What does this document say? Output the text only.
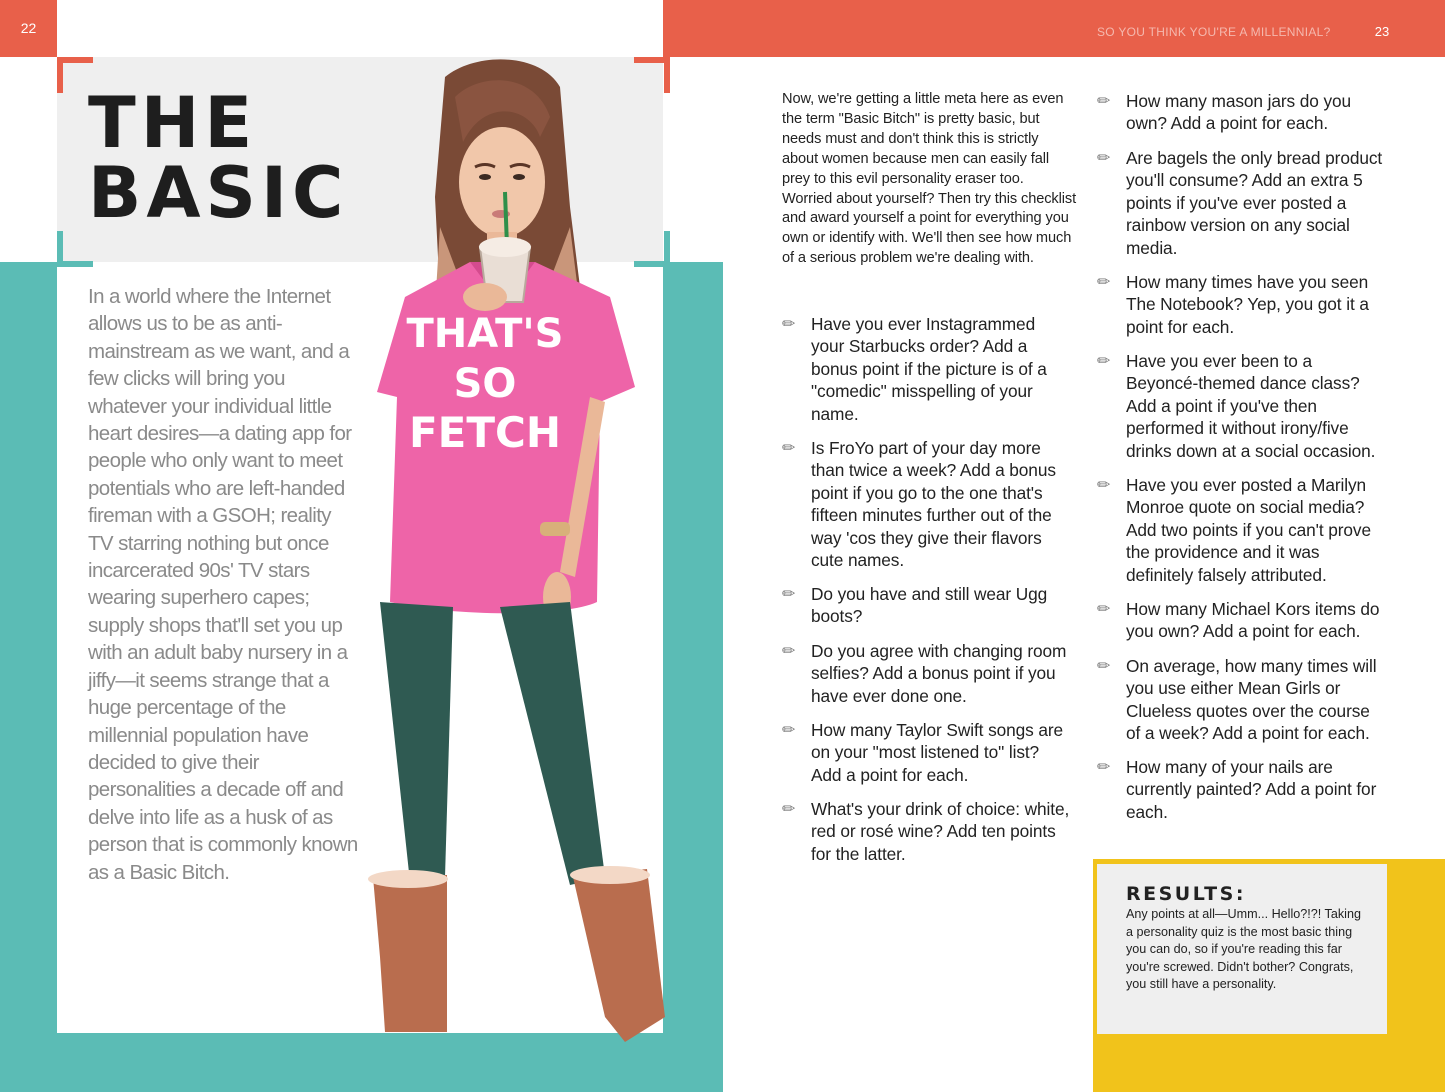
22
THE
BASIC
In a world where the Internet allows us to be as anti-mainstream as we want, and a few clicks will bring you whatever your individual little heart desires—a dating app for people who only want to meet potentials who are left-handed fireman with a GSOH; reality TV starring nothing but once incarcerated 90s' TV stars wearing superhero capes; supply shops that'll set you up with an adult baby nursery in a jiffy—it seems strange that a huge percentage of the millennial population have decided to give their personalities a decade off and delve into life as a husk of as person that is commonly known as a Basic Bitch.
THAT'S
SO
FETCH
SO YOU THINK YOU'RE A MILLENNIAL?	23
Now, we're getting a little meta here as even the term "Basic Bitch" is pretty basic, but needs must and don't think this is strictly about women because men can easily fall prey to this evil personality eraser too. Worried about yourself? Then try this checklist and award yourself a point for everything you own or identify with. We'll then see how much of a serious problem we're dealing with.
✏ Have you ever Instagrammed your Starbucks order? Add a bonus point if the picture is of a "comedic" misspelling of your name.
✏ Is FroYo part of your day more than twice a week? Add a bonus point if you go to the one that's fifteen minutes further out of the way 'cos they give their flavors cute names.
✏ Do you have and still wear Ugg boots?
✏ Do you agree with changing room selfies? Add a bonus point if you have ever done one.
✏ How many Taylor Swift songs are on your "most listened to" list? Add a point for each.
✏ What's your drink of choice: white, red or rosé wine? Add ten points for the latter.
✏ How many mason jars do you own? Add a point for each.
✏ Are bagels the only bread product you'll consume? Add an extra 5 points if you've ever posted a rainbow version on any social media.
✏ How many times have you seen The Notebook? Yep, you got it a point for each.
✏ Have you ever been to a Beyoncé-themed dance class? Add a point if you've then performed it without irony/five drinks down at a social occasion.
✏ Have you ever posted a Marilyn Monroe quote on social media? Add two points if you can't prove the providence and it was definitely falsely attributed.
✏ How many Michael Kors items do you own? Add a point for each.
✏ On average, how many times will you use either Mean Girls or Clueless quotes over the course of a week? Add a point for each.
✏ How many of your nails are currently painted? Add a point for each.
RESULTS:
Any points at all—Umm... Hello?!?! Taking a personality quiz is the most basic thing you can do, so if you're reading this far you're screwed. Didn't bother? Congrats, you still have a personality.
